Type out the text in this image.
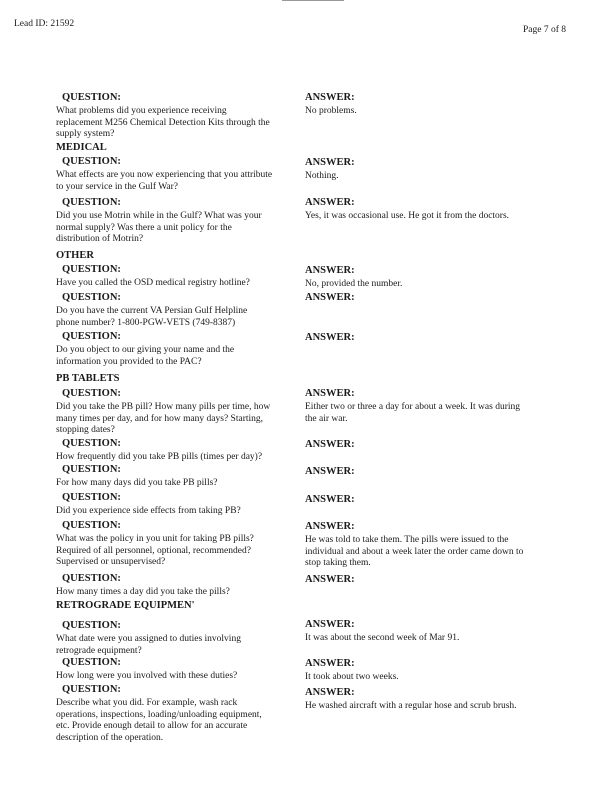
Lead ID: 21592
Page 7 of 8
MEDICAL
OTHER
PB TABLETS
RETROGRADE EQUIPMEN'
QUESTION:
What problems did you experience receiving
replacement M256 Chemical Detection Kits through the
supply system?
ANSWER:
No problems.
QUESTION:
What effects are you now experiencing that you attribute
to your service in the Gulf War?
ANSWER:
Nothing.
QUESTION:
Did you use Motrin while in the Gulf? What was your
normal supply? Was there a unit policy for the
distribution of Motrin?
ANSWER:
Yes, it was occasional use. He got it from the doctors.
QUESTION:
Have you called the OSD medical registry hotline?
ANSWER:
No, provided the number.
QUESTION:
Do you have the current VA Persian Gulf Helpline
phone number? 1-800-PGW-VETS (749-8387)
ANSWER:
QUESTION:
Do you object to our giving your name and the
information you provided to the PAC?
ANSWER:
QUESTION:
Did you take the PB pill? How many pills per time, how
many times per day, and for how many days? Starting,
stopping dates?
ANSWER:
Either two or three a day for about a week. It was during
the air war.
QUESTION:
How frequently did you take PB pills (times per day)?
ANSWER:
QUESTION:
For how many days did you take PB pills?
ANSWER:
QUESTION:
Did you experience side effects from taking PB?
ANSWER:
QUESTION:
What was the policy in you unit for taking PB pills?
Required of all personnel, optional, recommended?
Supervised or unsupervised?
ANSWER:
He was told to take them. The pills were issued to the
individual and about a week later the order came down to
stop taking them.
QUESTION:
How many times a day did you take the pills?
ANSWER:
QUESTION:
What date were you assigned to duties involving
retrograde equipment?
ANSWER:
It was about the second week of Mar 91.
QUESTION:
How long were you involved with these duties?
ANSWER:
It took about two weeks.
QUESTION:
Describe what you did. For example, wash rack
operations, inspections, loading/unloading equipment,
etc. Provide enough detail to allow for an accurate
description of the operation.
ANSWER:
He washed aircraft with a regular hose and scrub brush.
